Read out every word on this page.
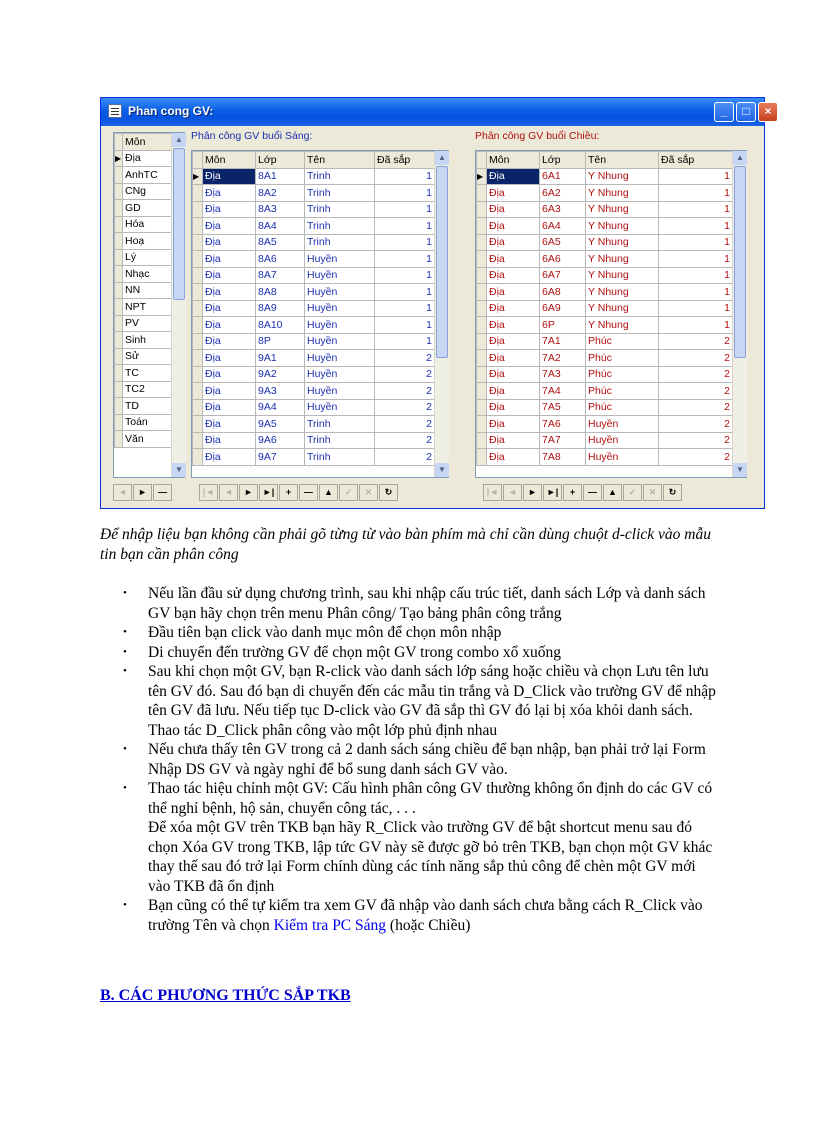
Phan cong GV:	_	□	×
	Môn
▶	Địa
	AnhTC
	CNg
	GD
	Hóa
	Hoạ
	Lý
	Nhạc
	NN
	NPT
	PV
	Sinh
	Sử
	TC
	TC2
	TD
	Toán
	Văn
▲
▼
◄	►	—
Phân công GV buổi Sáng:
	Môn	Lớp	Tên	Đã sắp
▶	Địa	8A1	Trinh	1
	Địa	8A2	Trinh	1
	Địa	8A3	Trinh	1
	Địa	8A4	Trinh	1
	Địa	8A5	Trinh	1
	Địa	8A6	Huyền	1
	Địa	8A7	Huyền	1
	Địa	8A8	Huyền	1
	Địa	8A9	Huyền	1
	Địa	8A10	Huyền	1
	Địa	8P	Huyền	1
	Địa	9A1	Huyền	2
	Địa	9A2	Huyền	2
	Địa	9A3	Huyền	2
	Địa	9A4	Huyền	2
	Địa	9A5	Trinh	2
	Địa	9A6	Trinh	2
	Địa	9A7	Trinh	2
▲
▼
|◄	◄	►	►|	+	—	▲	✓	✕	↻
Phân công GV buổi Chiều:
	Môn	Lớp	Tên	Đã sắp
▶	Địa	6A1	Y Nhung	1
	Địa	6A2	Y Nhung	1
	Địa	6A3	Y Nhung	1
	Địa	6A4	Y Nhung	1
	Địa	6A5	Y Nhung	1
	Địa	6A6	Y Nhung	1
	Địa	6A7	Y Nhung	1
	Địa	6A8	Y Nhung	1
	Địa	6A9	Y Nhung	1
	Địa	6P	Y Nhung	1
	Địa	7A1	Phúc	2
	Địa	7A2	Phúc	2
	Địa	7A3	Phúc	2
	Địa	7A4	Phúc	2
	Địa	7A5	Phúc	2
	Địa	7A6	Huyền	2
	Địa	7A7	Huyền	2
	Địa	7A8	Huyền	2
▲
▼
|◄	◄	►	►|	+	—	▲	✓	✕	↻
Để nhập liệu bạn không cần phải gõ từng từ vào bàn phím mà chỉ cần dùng chuột d-click vào mẫu tin bạn cần phân công
• Nếu lần đầu sử dụng chương trình, sau khi nhập cấu trúc tiết, danh sách Lớp và danh sách GV bạn hãy chọn trên menu Phân công/ Tạo bảng phân công trắng
• Đầu tiên bạn click vào danh mục môn để chọn môn nhập
• Di chuyển đến trường GV để chọn một GV trong combo xổ xuống
• Sau khi chọn một GV, bạn R-click vào danh sách lớp sáng hoặc chiều và chọn Lưu tên lưu tên GV đó. Sau đó bạn di chuyển đến các mẫu tin trắng và D_Click vào trường GV để nhập tên GV đã lưu. Nếu tiếp tục D-click vào GV đã sắp thì GV đó lại bị xóa khỏi danh sách. Thao tác D_Click phân công vào một lớp phủ định nhau
• Nếu chưa thấy tên GV trong cả 2 danh sách sáng chiều để bạn nhập, bạn phải trở lại Form Nhập DS GV và ngày nghỉ để bổ sung danh sách GV vào.
• Thao tác hiệu chỉnh một GV: Cấu hình phân công GV thường không ổn định do các GV có thể nghỉ bệnh, hộ sản, chuyển công tác, . . .
Để xóa một GV trên TKB bạn hãy R_Click vào trường GV để bật shortcut menu sau đó chọn Xóa GV trong TKB, lập tức GV này sẽ được gỡ bỏ trên TKB, bạn chọn một GV khác thay thế sau đó trở lại Form chính dùng các tính năng sắp thủ công để chèn một GV mới vào TKB đã ổn định
• Bạn cũng có thể tự kiểm tra xem GV đã nhập vào danh sách chưa bằng cách R_Click vào trường Tên và chọn Kiểm tra PC Sáng (hoặc Chiều)
B. CÁC PHƯƠNG THỨC SẮP TKB
